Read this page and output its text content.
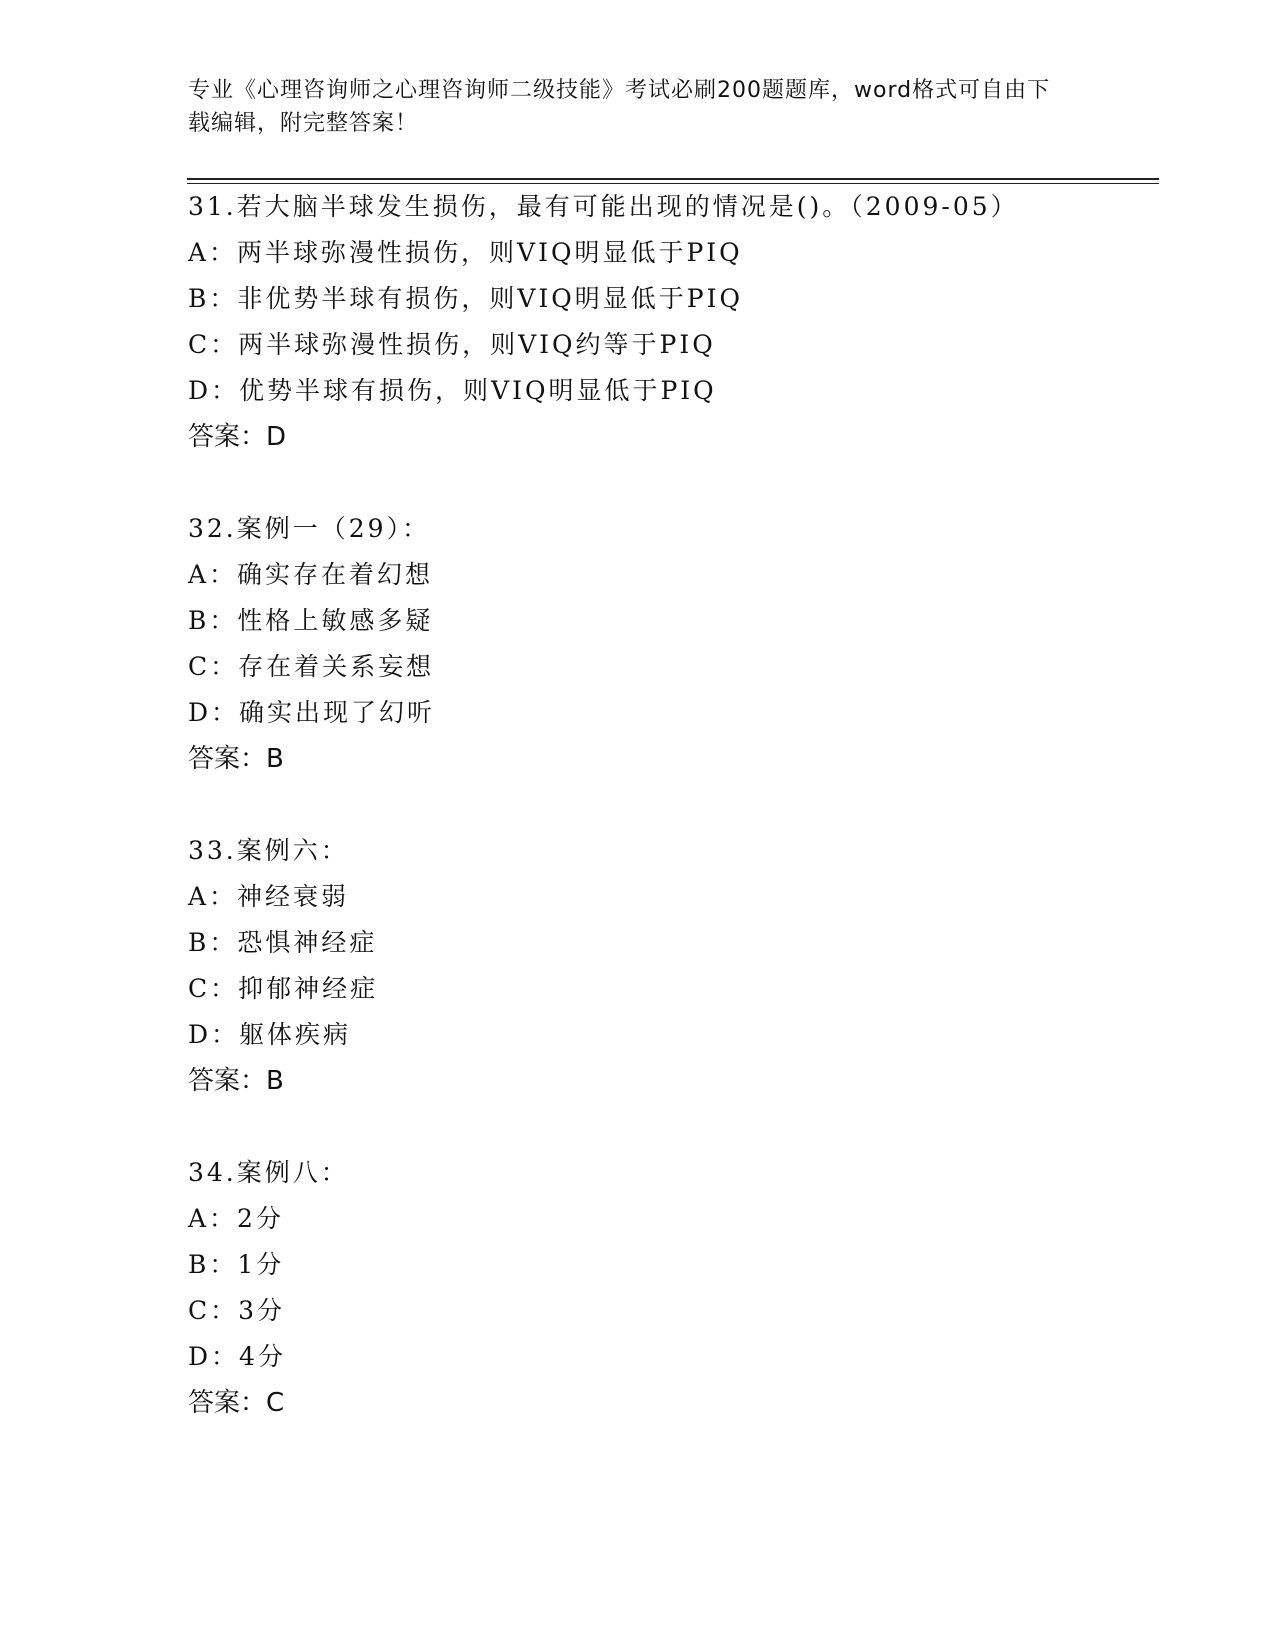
专业《心理咨询师之心理咨询师二级技能》考试必刷200题题库，word格式可自由下载编辑，附完整答案！

31.若大脑半球发生损伤，最有可能出现的情况是()。（2009-05）
A：两半球弥漫性损伤，则VIQ明显低于PIQ
B：非优势半球有损伤，则VIQ明显低于PIQ
C：两半球弥漫性损伤，则VIQ约等于PIQ
D：优势半球有损伤，则VIQ明显低于PIQ
答案：D
32.案例一（29）：
A：确实存在着幻想
B：性格上敏感多疑
C：存在着关系妄想
D：确实出现了幻听
答案：B
33.案例六：
A：神经衰弱
B：恐惧神经症
C：抑郁神经症
D：躯体疾病
答案：B
34.案例八：
A：2分
B：1分
C：3分
D：4分
答案：C
